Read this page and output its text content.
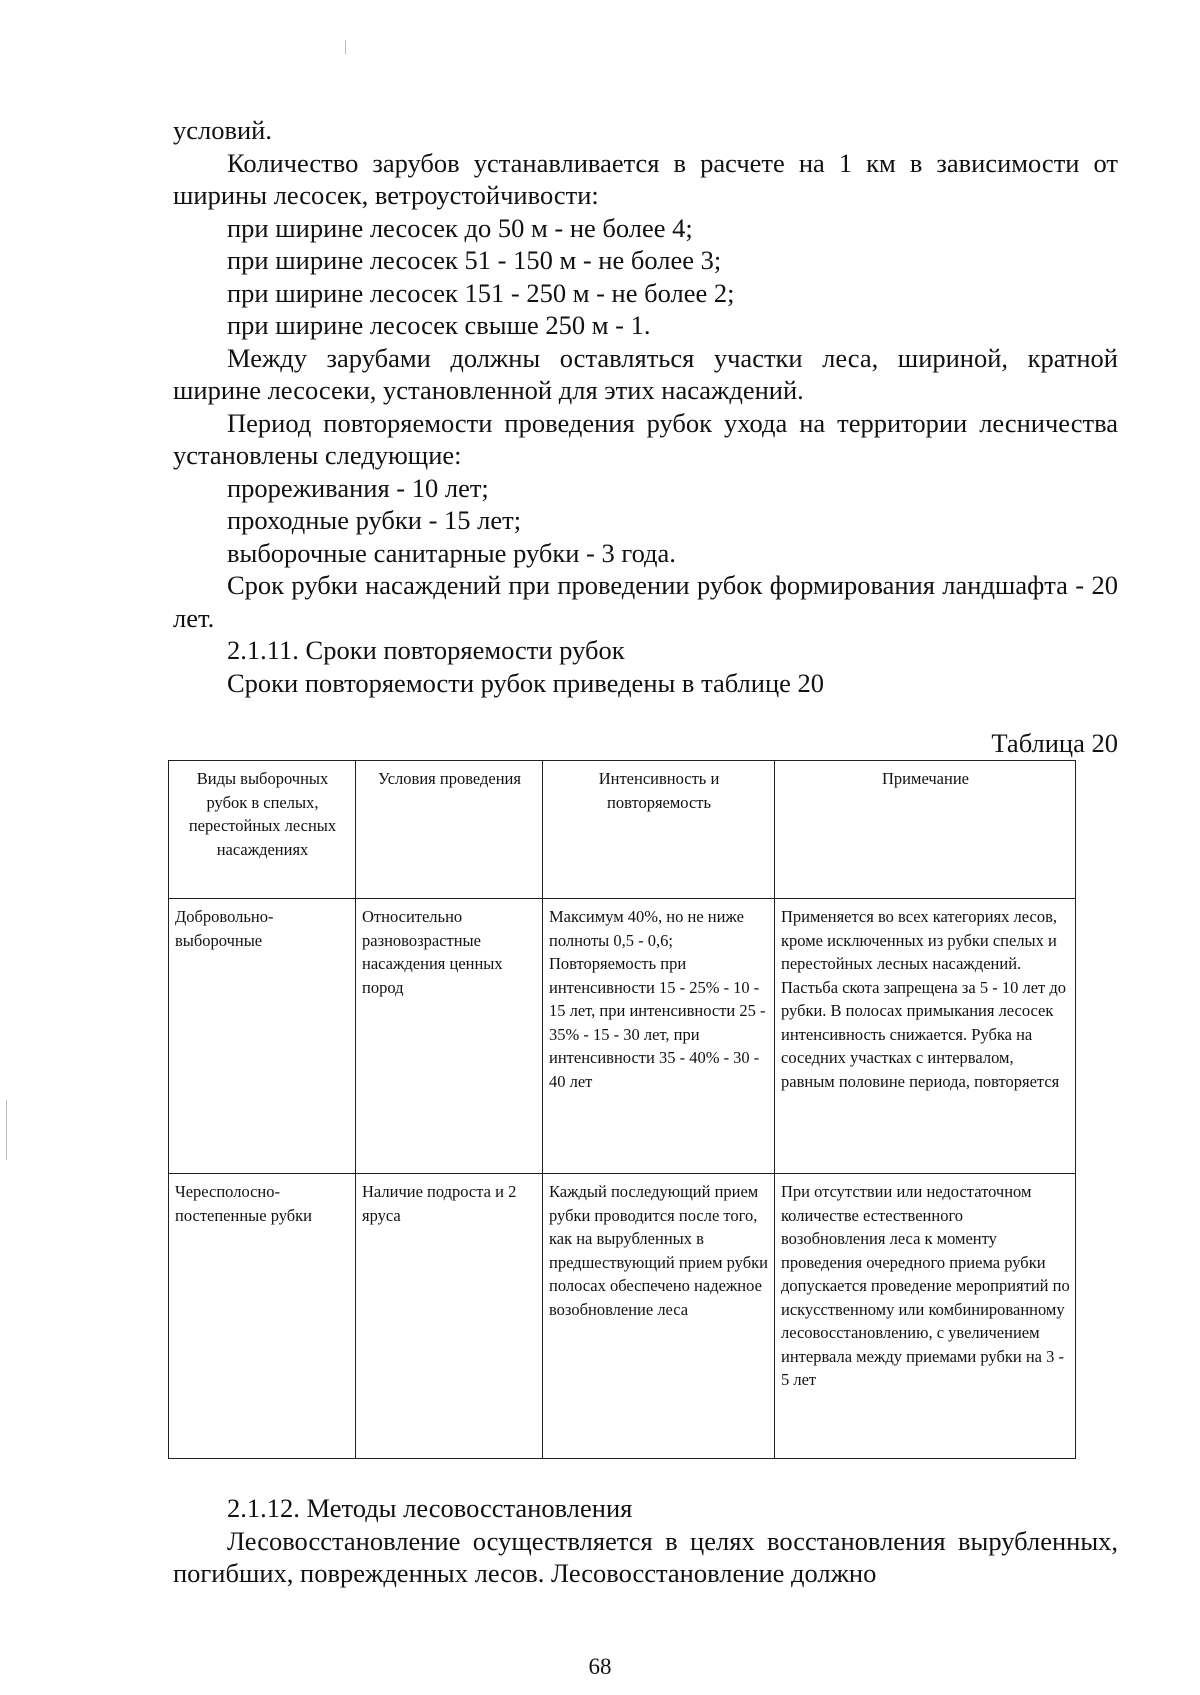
условий.

Количество зарубов устанавливается в расчете на 1 км в зависимости от ширины лесосек, ветроустойчивости:

при ширине лесосек до 50 м - не более 4;

при ширине лесосек 51 - 150 м - не более 3;

при ширине лесосек 151 - 250 м - не более 2;

при ширине лесосек свыше 250 м - 1.

Между зарубами должны оставляться участки леса, шириной, кратной ширине лесосеки, установленной для этих насаждений.

Период повторяемости проведения рубок ухода на территории лесничества установлены следующие:

прореживания - 10 лет;

проходные рубки - 15 лет;

выборочные санитарные рубки - 3 года.

Срок рубки насаждений при проведении рубок формирования ландшафта - 20 лет.

2.1.11. Сроки повторяемости рубок

Сроки повторяемости рубок приведены в таблице 20

Таблица 20
Виды выборочных рубок в спелых, перестойных лесных насаждениях	Условия проведения	Интенсивность и повторяемость	Примечание
Добровольно-выборочные	Относительно разновозрастные насаждения ценных пород	Максимум 40%, но не ниже полноты 0,5 - 0,6; Повторяемость при интенсивности 15 - 25% - 10 - 15 лет, при интенсивности 25 - 35% - 15 - 30 лет, при интенсивности 35 - 40% - 30 - 40 лет	Применяется во всех категориях лесов, кроме исключенных из рубки спелых и перестойных лесных насаждений. Пастьба скота запрещена за 5 - 10 лет до рубки. В полосах примыкания лесосек интенсивность снижается. Рубка на соседних участках с интервалом, равным половине периода, повторяется
Чересполосно-постепенные рубки	Наличие подроста и 2 яруса	Каждый последующий прием рубки проводится после того, как на вырубленных в предшествующий прием рубки полосах обеспечено надежное возобновление леса	При отсутствии или недостаточном количестве естественного возобновления леса к моменту проведения очередного приема рубки допускается проведение мероприятий по искусственному или комбинированному лесовосстановлению, с увеличением интервала между приемами рубки на 3 - 5 лет

2.1.12. Методы лесовосстановления

Лесовосстановление осуществляется в целях восстановления вырубленных, погибших, поврежденных лесов. Лесовосстановление должно

68
